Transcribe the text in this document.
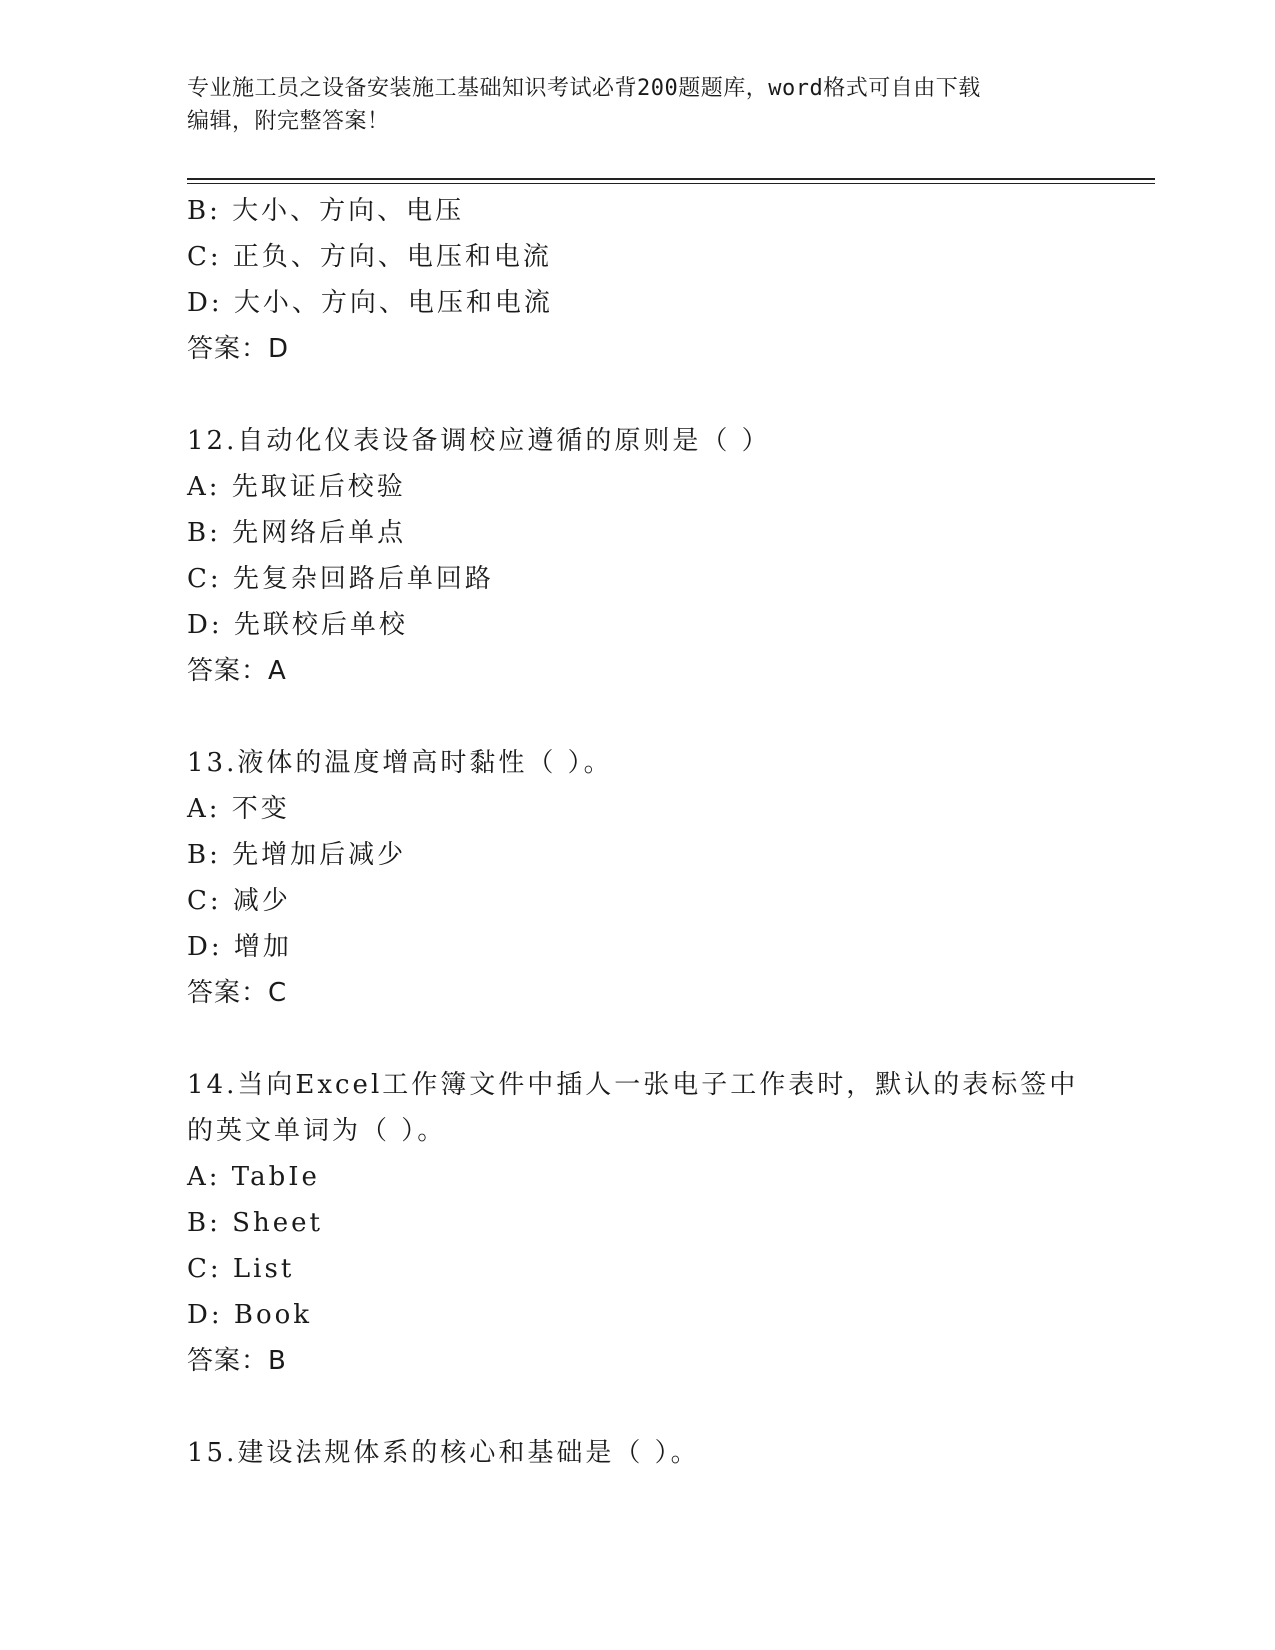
专业施工员之设备安装施工基础知识考试必背200题题库，word格式可自由下载
编辑，附完整答案！
B: 大小、方向、电压
C: 正负、方向、电压和电流
D: 大小、方向、电压和电流
答案：D
12.自动化仪表设备调校应遵循的原则是（ ）
A: 先取证后校验
B: 先网络后单点
C: 先复杂回路后单回路
D: 先联校后单校
答案：A
13.液体的温度增高时黏性（ ）。
A: 不变
B: 先增加后减少
C: 减少
D: 增加
答案：C
14.当向Excel工作簿文件中插人一张电子工作表时，默认的表标签中
的英文单词为（ ）。
A: TabIe
B: Sheet
C: List
D: Book
答案：B
15.建设法规体系的核心和基础是（ ）。
